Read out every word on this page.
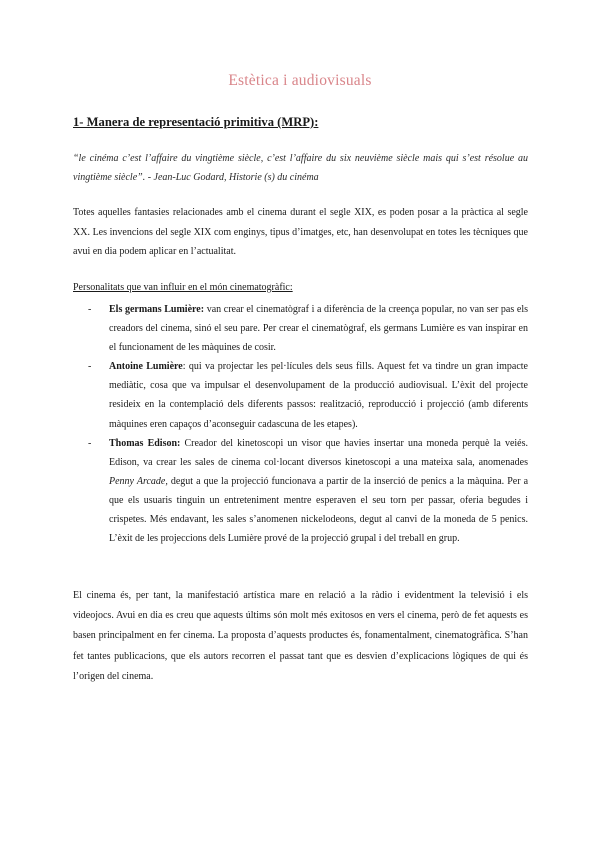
Estètica i audiovisuals
1- Manera de representació primitiva (MRP):
“le cinéma c’est l’affaire du vingtième siècle, c’est l’affaire du six neuvième siècle mais qui s’est résolue au vingtième siècle”. - Jean-Luc Godard, Historie (s) du cinéma
Totes aquelles fantasies relacionades amb el cinema durant el segle XIX, es poden posar a la pràctica al segle XX. Les invencions del segle XIX com enginys, tipus d’imatges, etc, han desenvolupat en totes les tècniques que avui en dia podem aplicar en l’actualitat.
Personalitats que van influir en el món cinematogràfic:
- Els germans Lumière: van crear el cinematògraf i a diferència de la creença popular, no van ser pas els creadors del cinema, sinó el seu pare. Per crear el cinematògraf, els germans Lumière es van inspirar en el funcionament de les màquines de cosir.
- Antoine Lumière: qui va projectar les pel·lícules dels seus fills. Aquest fet va tindre un gran impacte mediàtic, cosa que va impulsar el desenvolupament de la producció audiovisual. L’èxit del projecte resideix en la contemplació dels diferents passos: realització, reproducció i projecció (amb diferents màquines eren capaços d’aconseguir cadascuna de les etapes).
- Thomas Edison: Creador del kinetoscopi un visor que havies insertar una moneda perquè la veiés. Edison, va crear les sales de cinema col·locant diversos kinetoscopi a una mateixa sala, anomenades Penny Arcade, degut a que la projecció funcionava a partir de la inserció de penics a la màquina. Per a que els usuaris tinguin un entreteniment mentre esperaven el seu torn per passar, oferia begudes i crispetes. Més endavant, les sales s’anomenen nickelodeons, degut al canvi de la moneda de 5 penics. L’èxit de les projeccions dels Lumière prové de la projecció grupal i del treball en grup.
El cinema és, per tant, la manifestació artística mare en relació a la ràdio i evidentment la televisió i els videojocs. Avui en dia es creu que aquests últims són molt més exitosos en vers el cinema, però de fet aquests es basen principalment en fer cinema. La proposta d’aquests productes és, fonamentalment, cinematogràfica. S’han fet tantes publicacions, que els autors recorren el passat tant que es desvien d’explicacions lògiques de qui és l’origen del cinema.
